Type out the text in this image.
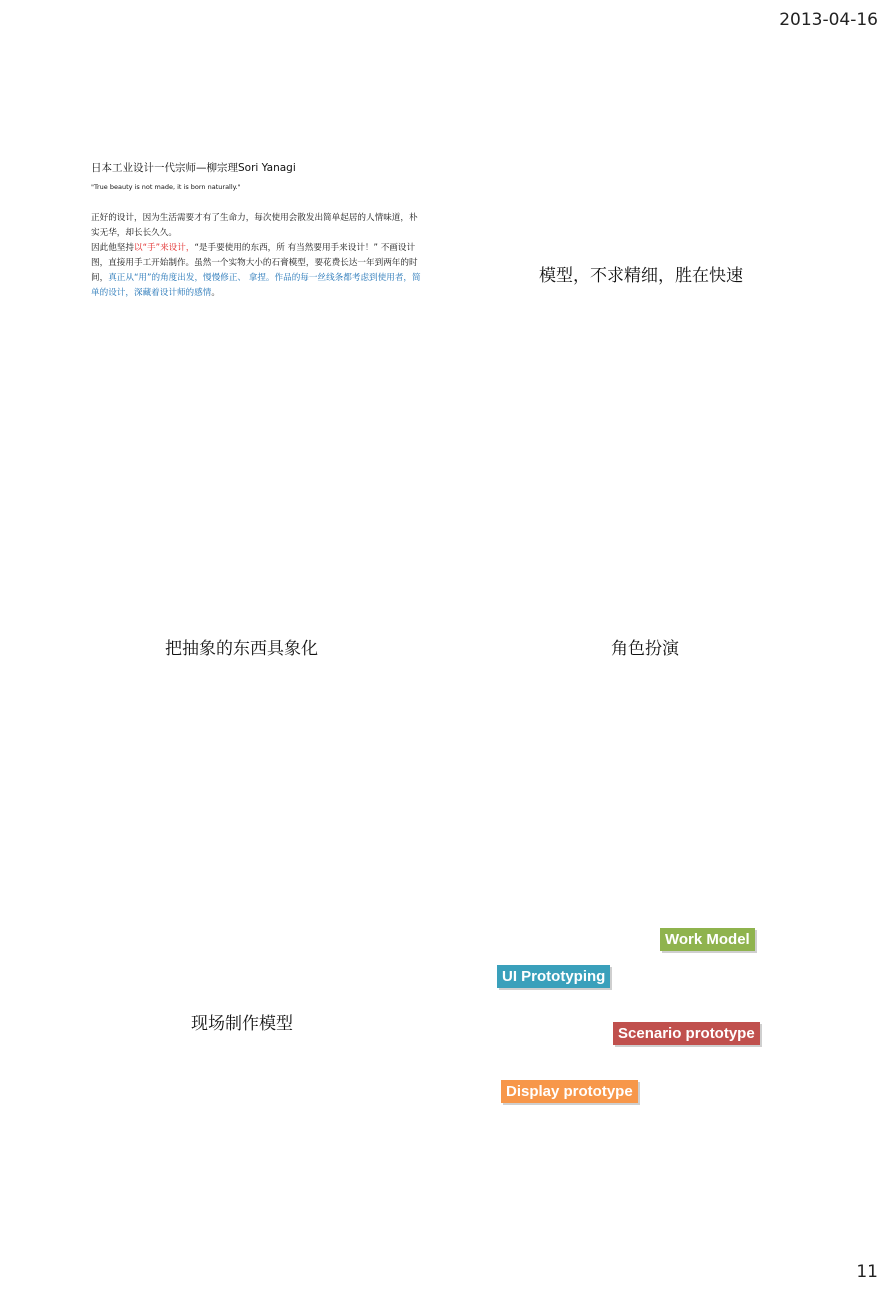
2013-04-16
日本工业设计一代宗师—柳宗理Sori Yanagi
"True beauty is not made, it is born naturally."

正好的设计，因为生活需要才有了生命力，每次使用会散发出简单起居的人情味道，朴实无华，却长长久久。

因此他坚持以“手”来设计，“是手要使用的东西，所 有当然要用手来设计！” 不画设计图，直接用手工开始制作。虽然一个实物大小的石膏模型，要花费长达一年到两年的时间，真正从“用”的角度出发，慢慢修正、 拿捏。作品的每一丝线条都考虑到使用者，简单的设计，深藏着设计师的感情。

模型，不求精细，胜在快速
把抽象的东西具象化	角色扮演
现场制作模型
Work Model
UI Prototyping
Scenario prototype
Display prototype
11
